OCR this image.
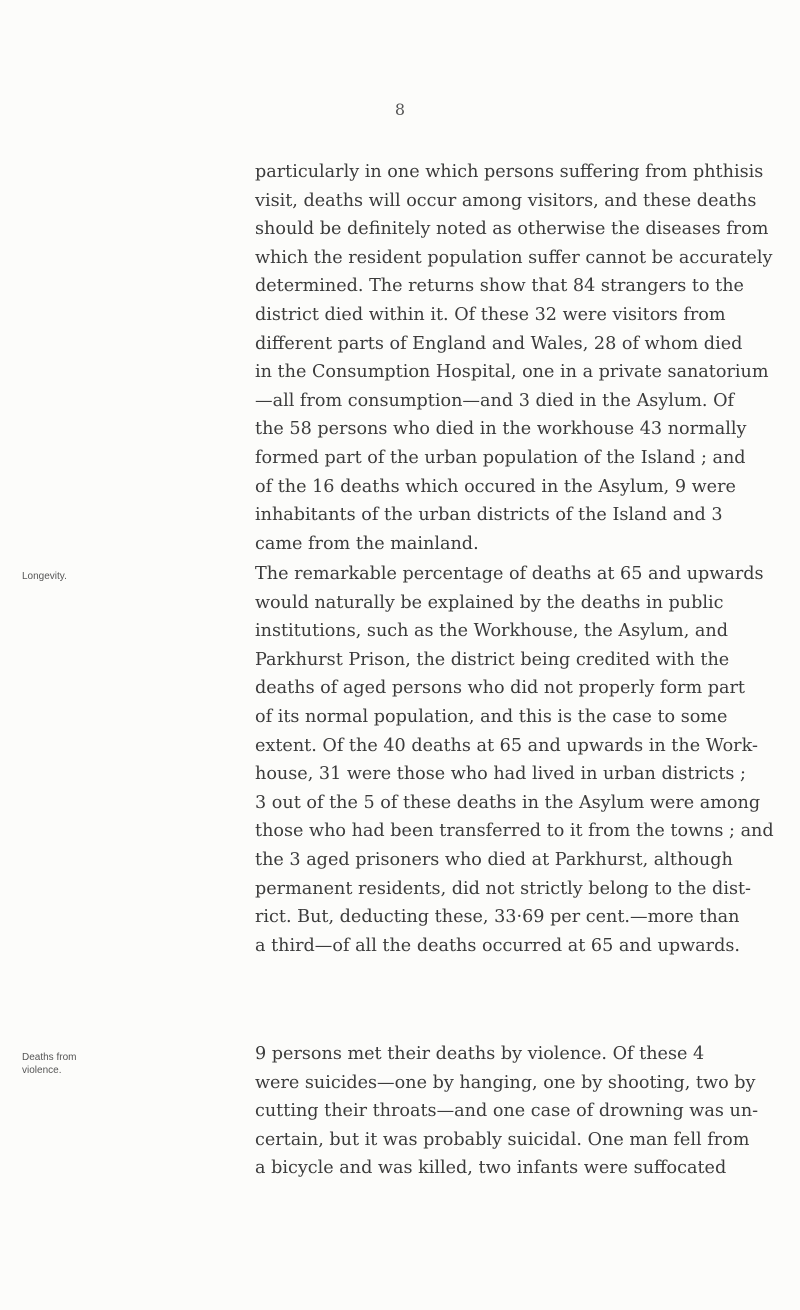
8
particularly in one which persons suffering from phthisis
visit, deaths will occur among visitors, and these deaths
should be definitely noted as otherwise the diseases from
which the resident population suffer cannot be accurately
determined. The returns show that 84 strangers to the
district died within it. Of these 32 were visitors from
different parts of England and Wales, 28 of whom died
in the Consumption Hospital, one in a private sanatorium
—all from consumption—and 3 died in the Asylum. Of
the 58 persons who died in the workhouse 43 normally
formed part of the urban population of the Island ; and
of the 16 deaths which occured in the Asylum, 9 were
inhabitants of the urban districts of the Island and 3
came from the mainland.
Longevity.	The remarkable percentage of deaths at 65 and upwards
would naturally be explained by the deaths in public
institutions, such as the Workhouse, the Asylum, and
Parkhurst Prison, the district being credited with the
deaths of aged persons who did not properly form part
of its normal population, and this is the case to some
extent. Of the 40 deaths at 65 and upwards in the Work-
house, 31 were those who had lived in urban districts ;
3 out of the 5 of these deaths in the Asylum were among
those who had been transferred to it from the towns ; and
the 3 aged prisoners who died at Parkhurst, although
permanent residents, did not strictly belong to the dist-
rict. But, deducting these, 33·69 per cent.—more than
a third—of all the deaths occurred at 65 and upwards.
Deaths from violence.
9 persons met their deaths by violence. Of these 4
were suicides—one by hanging, one by shooting, two by
cutting their throats—and one case of drowning was un-
certain, but it was probably suicidal. One man fell from
a bicycle and was killed, two infants were suffocated
